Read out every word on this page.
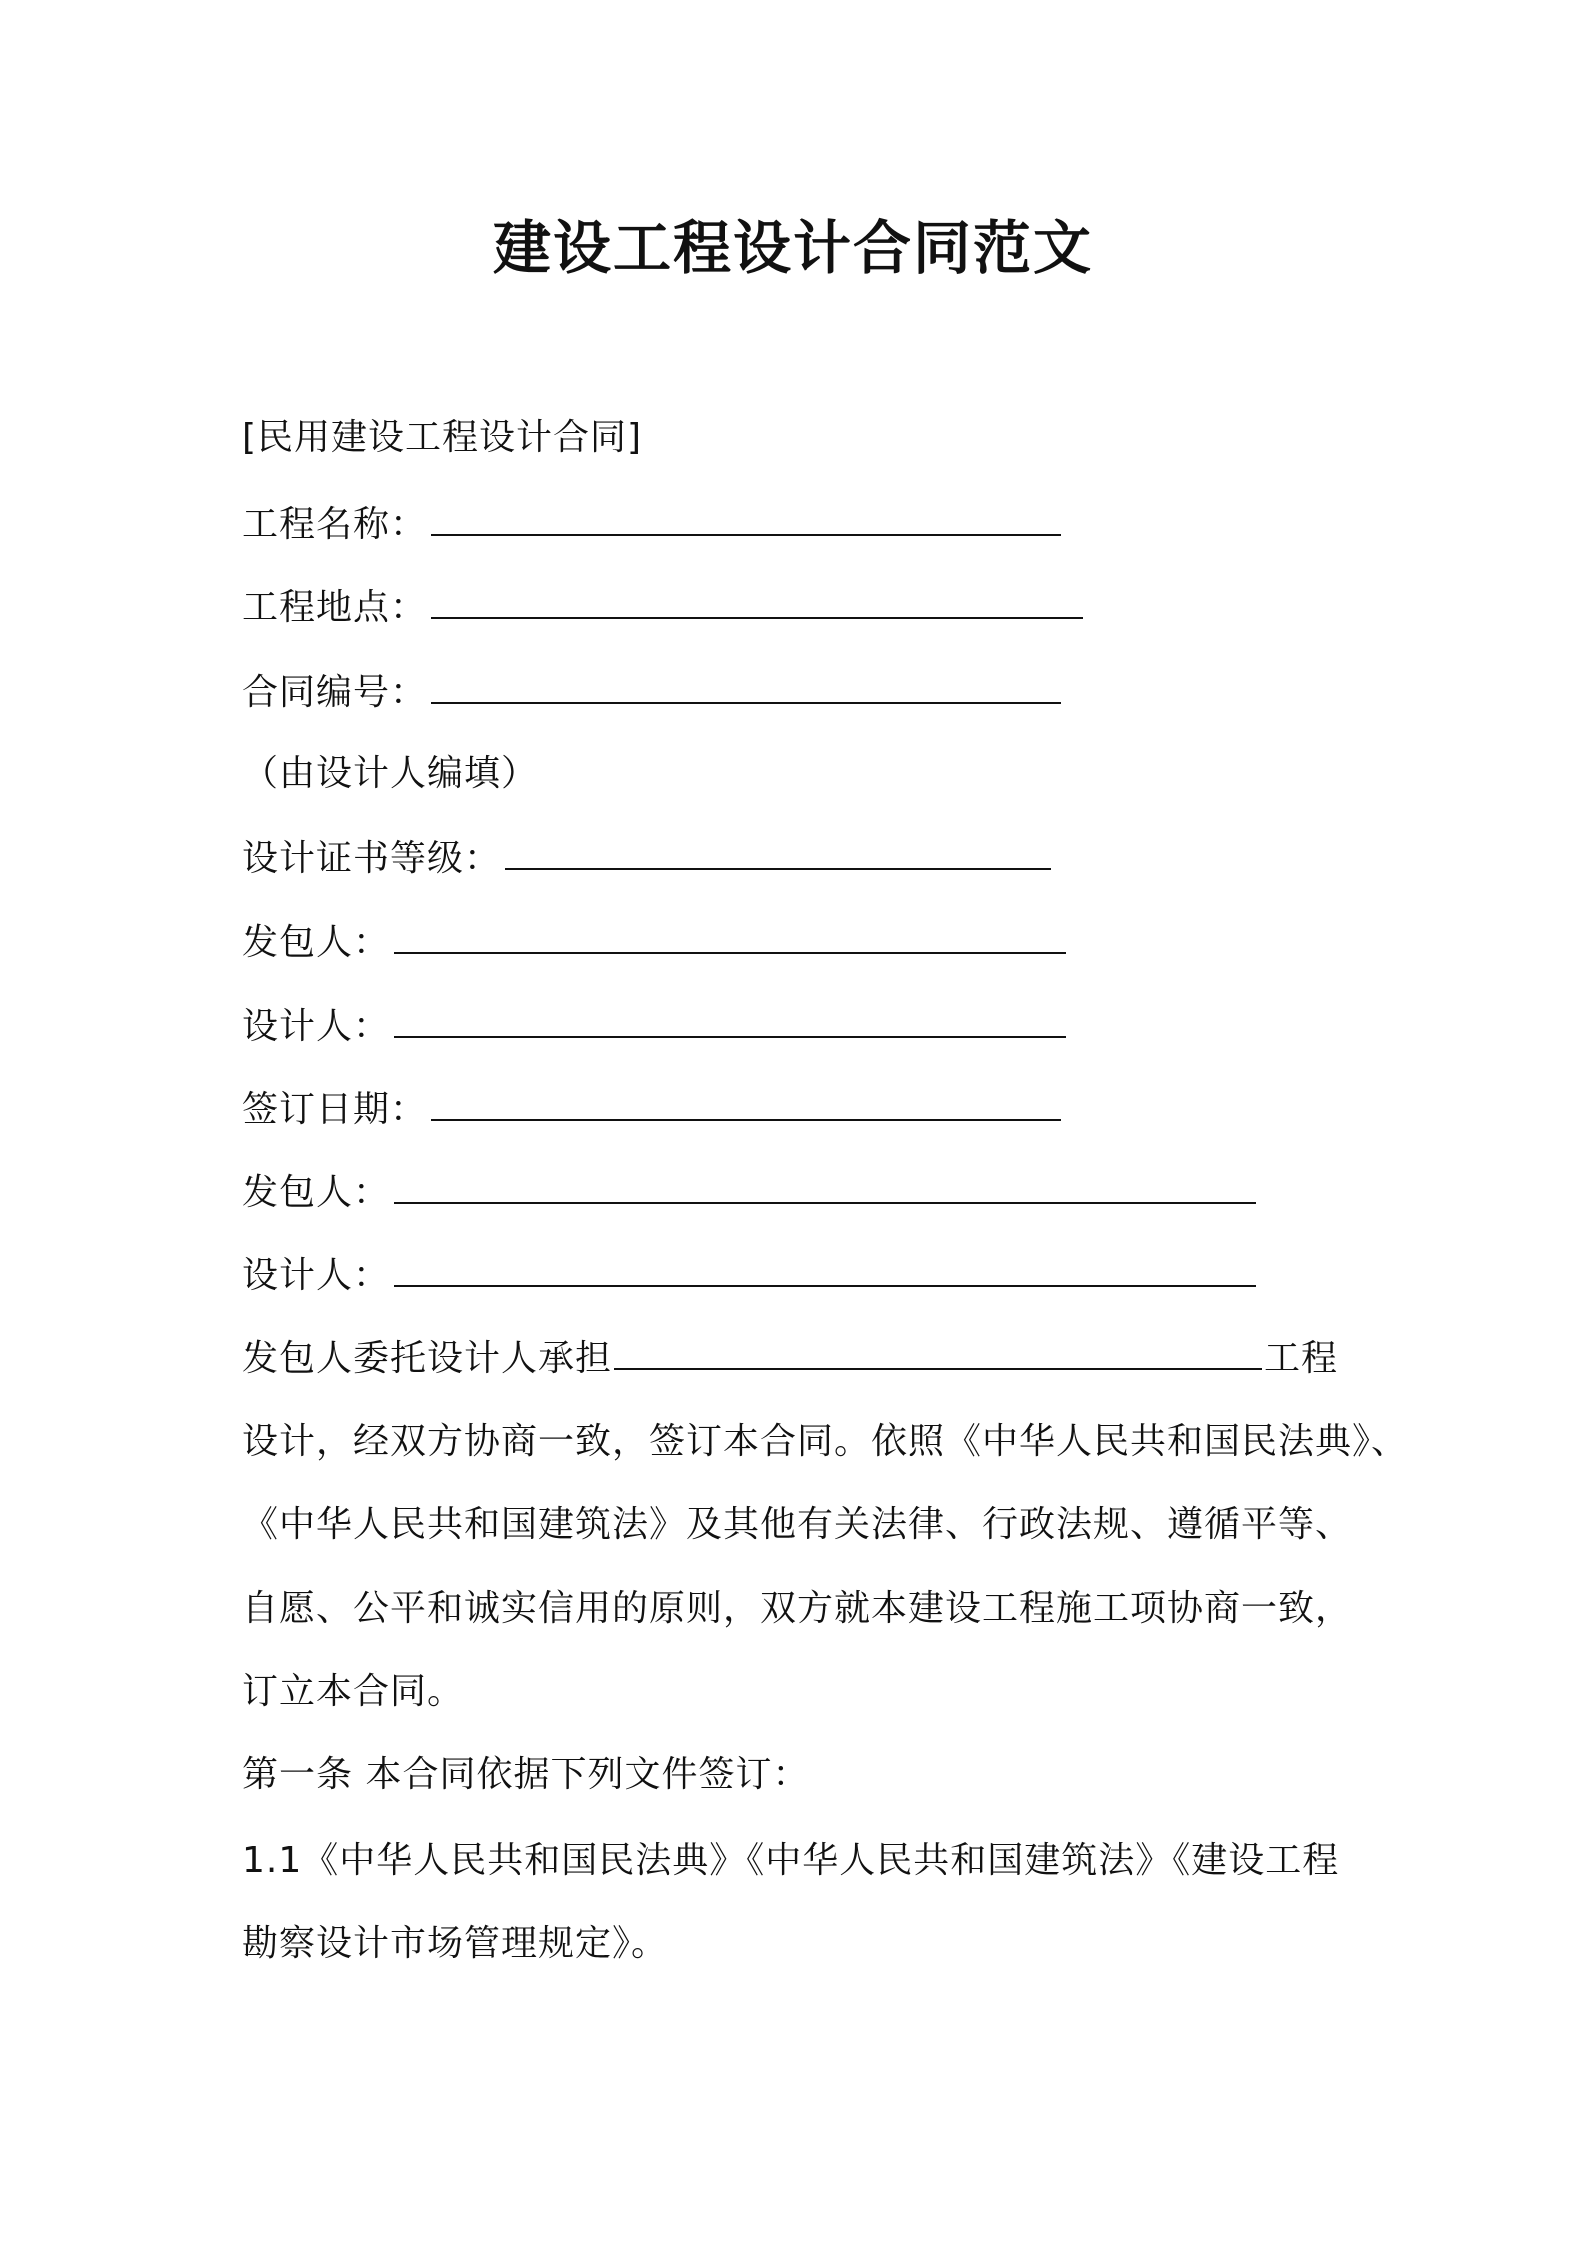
建设工程设计合同范文
[民用建设工程设计合同]
工程名称：
工程地点：
合同编号：
（由设计人编填）
设计证书等级：
发包人：
设计人：
签订日期：
发包人：
设计人：
发包人委托设计人承担	工程
设计，经双方协商一致，签订本合同。依照《中华人民共和国民法典》、
《中华人民共和国建筑法》及其他有关法律、行政法规、遵循平等、
自愿、公平和诚实信用的原则，双方就本建设工程施工项协商一致，
订立本合同。
第一条 本合同依据下列文件签订：
1.1《中华人民共和国民法典》《中华人民共和国建筑法》《建设工程
勘察设计市场管理规定》。
